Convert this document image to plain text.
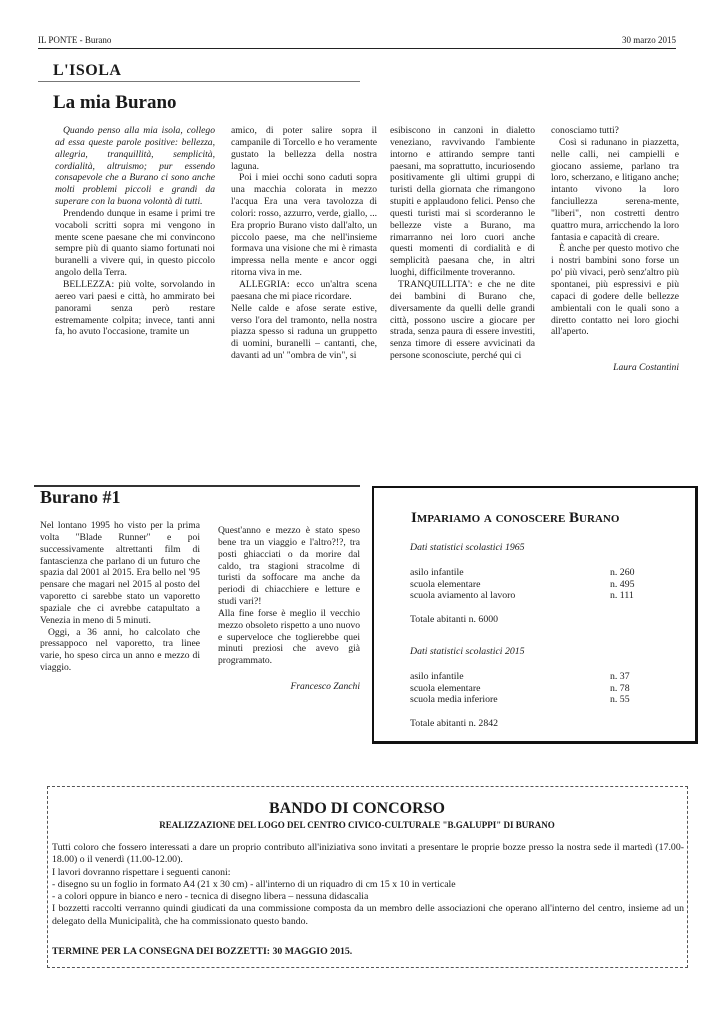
IL PONTE - Burano	30 marzo 2015
L'ISOLA
La mia Burano

Quando penso alla mia isola, collego ad essa queste parole positive: bellezza, allegria, tranquillità, semplicità, cordialità, altruismo; pur essendo consapevole che a Burano ci sono anche molti problemi piccoli e grandi da superare con la buona volontà di tutti.

Prendendo dunque in esame i primi tre vocaboli scritti sopra mi vengono in mente scene paesane che mi convincono sempre più di quanto siamo fortunati noi buranelli a vivere qui, in questo piccolo angolo della Terra.

BELLEZZA: più volte, sorvolando in aereo vari paesi e città, ho ammirato bei panorami senza però restare estremamente colpita; invece, tanti anni fa, ho avuto l'occasione, tramite un

amico, di poter salire sopra il campanile di Torcello e ho veramente gustato la bellezza della nostra laguna.

Poi i miei occhi sono caduti sopra una macchia colorata in mezzo l'acqua Era una vera tavolozza di colori: rosso, azzurro, verde, giallo, ... Era proprio Burano visto dall'alto, un piccolo paese, ma che nell'insieme formava una visione che mi è rimasta impressa nella mente e ancor oggi ritorna viva in me.

ALLEGRIA: ecco un'altra scena paesana che mi piace ricordare.

Nelle calde e afose serate estive, verso l'ora del tramonto, nella nostra piazza spesso si raduna un gruppetto di uomini, buranelli – cantanti, che, davanti ad un' "ombra de vin", si

esibiscono in canzoni in dialetto veneziano, ravvivando l'ambiente intorno e attirando sempre tanti paesani, ma soprattutto, incuriosendo positivamente gli ultimi gruppi di turisti della giornata che rimangono stupiti e applaudono felici. Penso che questi turisti mai si scorderanno le bellezze viste a Burano, ma rimarranno nei loro cuori anche questi momenti di cordialità e di semplicità paesana che, in altri luoghi, difficilmente troveranno.

TRANQUILLITA': e che ne dite dei bambini di Burano che, diversamente da quelli delle grandi città, possono uscire a giocare per strada, senza paura di essere investiti, senza timore di essere avvicinati da persone sconosciute, perché qui ci

conosciamo tutti?

Così si radunano in piazzetta, nelle calli, nei campielli e giocano assieme, parlano tra loro, scherzano, e litigano anche; intanto vivono la loro fanciullezza serena-mente, "liberi", non costretti dentro quattro mura, arricchendo la loro fantasia e capacità di creare.

È anche per questo motivo che i nostri bambini sono forse un po' più vivaci, però senz'altro più spontanei, più espressivi e più capaci di godere delle bellezze ambientali con le quali sono a diretto contatto nei loro giochi all'aperto.

Laura Costantini

Burano #1

Nel lontano 1995 ho visto per la prima volta "Blade Runner" e poi successivamente altrettanti film di fantascienza che parlano di un futuro che spazia dal 2001 al 2015. Era bello nel '95 pensare che magari nel 2015 al posto del vaporetto ci sarebbe stato un vaporetto spaziale che ci avrebbe catapultato a Venezia in meno di 5 minuti.

Oggi, a 36 anni, ho calcolato che pressappoco nel vaporetto, tra linee varie, ho speso circa un anno e mezzo di viaggio.

Quest'anno e mezzo è stato speso bene tra un viaggio e l'altro?!?, tra posti ghiacciati o da morire dal caldo, tra stagioni stracolme di turisti da soffocare ma anche da periodi di chiacchiere e letture e studi vari?!

Alla fine forse è meglio il vecchio mezzo obsoleto rispetto a uno nuovo e superveloce che toglierebbe quei minuti preziosi che avevo già programmato.

Francesco Zanchi

Impariamo a conoscere Burano
Dati statistici scolastici 1965
asilo infantile	n. 260
scuola elementare	n. 495
scuola aviamento al lavoro	n. 111
Totale abitanti n. 6000
Dati statistici scolastici 2015
asilo infantile	n. 37
scuola elementare	n. 78
scuola media inferiore	n. 55
Totale abitanti n. 2842
BANDO DI CONCORSO
REALIZZAZIONE DEL LOGO DEL CENTRO CIVICO-CULTURALE "B.GALUPPI" DI BURANO

Tutti coloro che fossero interessati a dare un proprio contributo all'iniziativa sono invitati a presentare le proprie bozze presso la nostra sede il martedì (17.00-18.00) o il venerdì (11.00-12.00).

I lavori dovranno rispettare i seguenti canoni:

- disegno su un foglio in formato A4 (21 x 30 cm) - all'interno di un riquadro di cm 15 x 10 in verticale

- a colori oppure in bianco e nero - tecnica di disegno libera – nessuna didascalia

I bozzetti raccolti verranno quindi giudicati da una commissione composta da un membro delle associazioni che operano all'interno del centro, insieme ad un delegato della Municipalità, che ha commissionato questo bando.

TERMINE PER LA CONSEGNA DEI BOZZETTI: 30 MAGGIO 2015.
